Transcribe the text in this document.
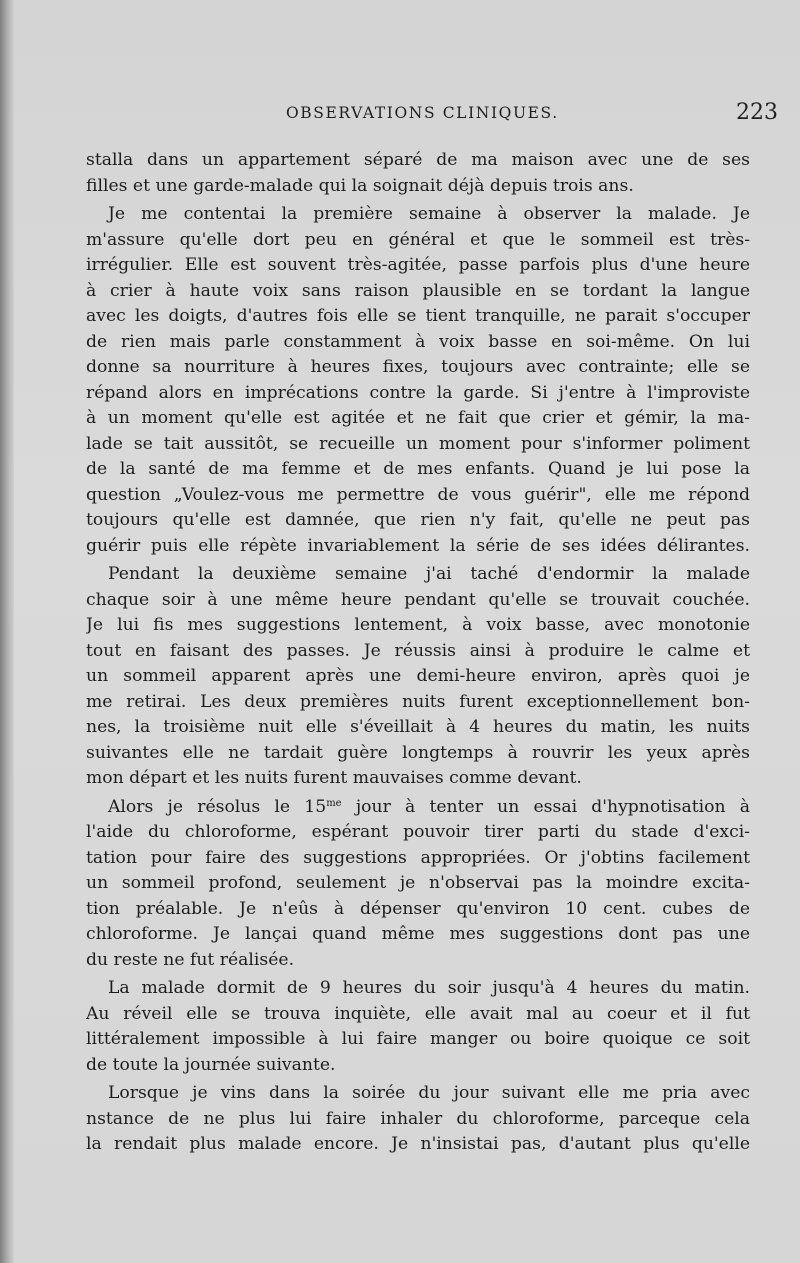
OBSERVATIONS CLINIQUES.	223
stalla dans un appartement séparé de ma maison avec une de ses
filles et une garde-malade qui la soignait déjà depuis trois ans.
Je me contentai la première semaine à observer la malade. Je
m'assure qu'elle dort peu en général et que le sommeil est très-
irrégulier. Elle est souvent très-agitée, passe parfois plus d'une heure
à crier à haute voix sans raison plausible en se tordant la langue
avec les doigts, d'autres fois elle se tient tranquille, ne parait s'occuper
de rien mais parle constamment à voix basse en soi-même. On lui
donne sa nourriture à heures fixes, toujours avec contrainte; elle se
répand alors en imprécations contre la garde. Si j'entre à l'improviste
à un moment qu'elle est agitée et ne fait que crier et gémir, la ma-
lade se tait aussitôt, se recueille un moment pour s'informer poliment
de la santé de ma femme et de mes enfants. Quand je lui pose la
question „Voulez-vous me permettre de vous guérir", elle me répond
toujours qu'elle est damnée, que rien n'y fait, qu'elle ne peut pas
guérir puis elle répète invariablement la série de ses idées délirantes.
Pendant la deuxième semaine j'ai taché d'endormir la malade
chaque soir à une même heure pendant qu'elle se trouvait couchée.
Je lui fis mes suggestions lentement, à voix basse, avec monotonie
tout en faisant des passes. Je réussis ainsi à produire le calme et
un sommeil apparent après une demi-heure environ, après quoi je
me retirai. Les deux premières nuits furent exceptionnellement bon-
nes, la troisième nuit elle s'éveillait à 4 heures du matin, les nuits
suivantes elle ne tardait guère longtemps à rouvrir les yeux après
mon départ et les nuits furent mauvaises comme devant.
Alors je résolus le $15^{me}$ jour à tenter un essai d'hypnotisation à
l'aide du chloroforme, espérant pouvoir tirer parti du stade d'exci-
tation pour faire des suggestions appropriées. Or j'obtins facilement
un sommeil profond, seulement je n'observai pas la moindre excita-
tion préalable. Je n'eûs à dépenser qu'environ 10 cent. cubes de
chloroforme. Je lançai quand même mes suggestions dont pas une
du reste ne fut réalisée.
La malade dormit de 9 heures du soir jusqu'à 4 heures du matin.
Au réveil elle se trouva inquiète, elle avait mal au coeur et il fut
littéralement impossible à lui faire manger ou boire quoique ce soit
de toute la journée suivante.
Lorsque je vins dans la soirée du jour suivant elle me pria avec
nstance de ne plus lui faire inhaler du chloroforme, parceque cela
la rendait plus malade encore. Je n'insistai pas, d'autant plus qu'elle
